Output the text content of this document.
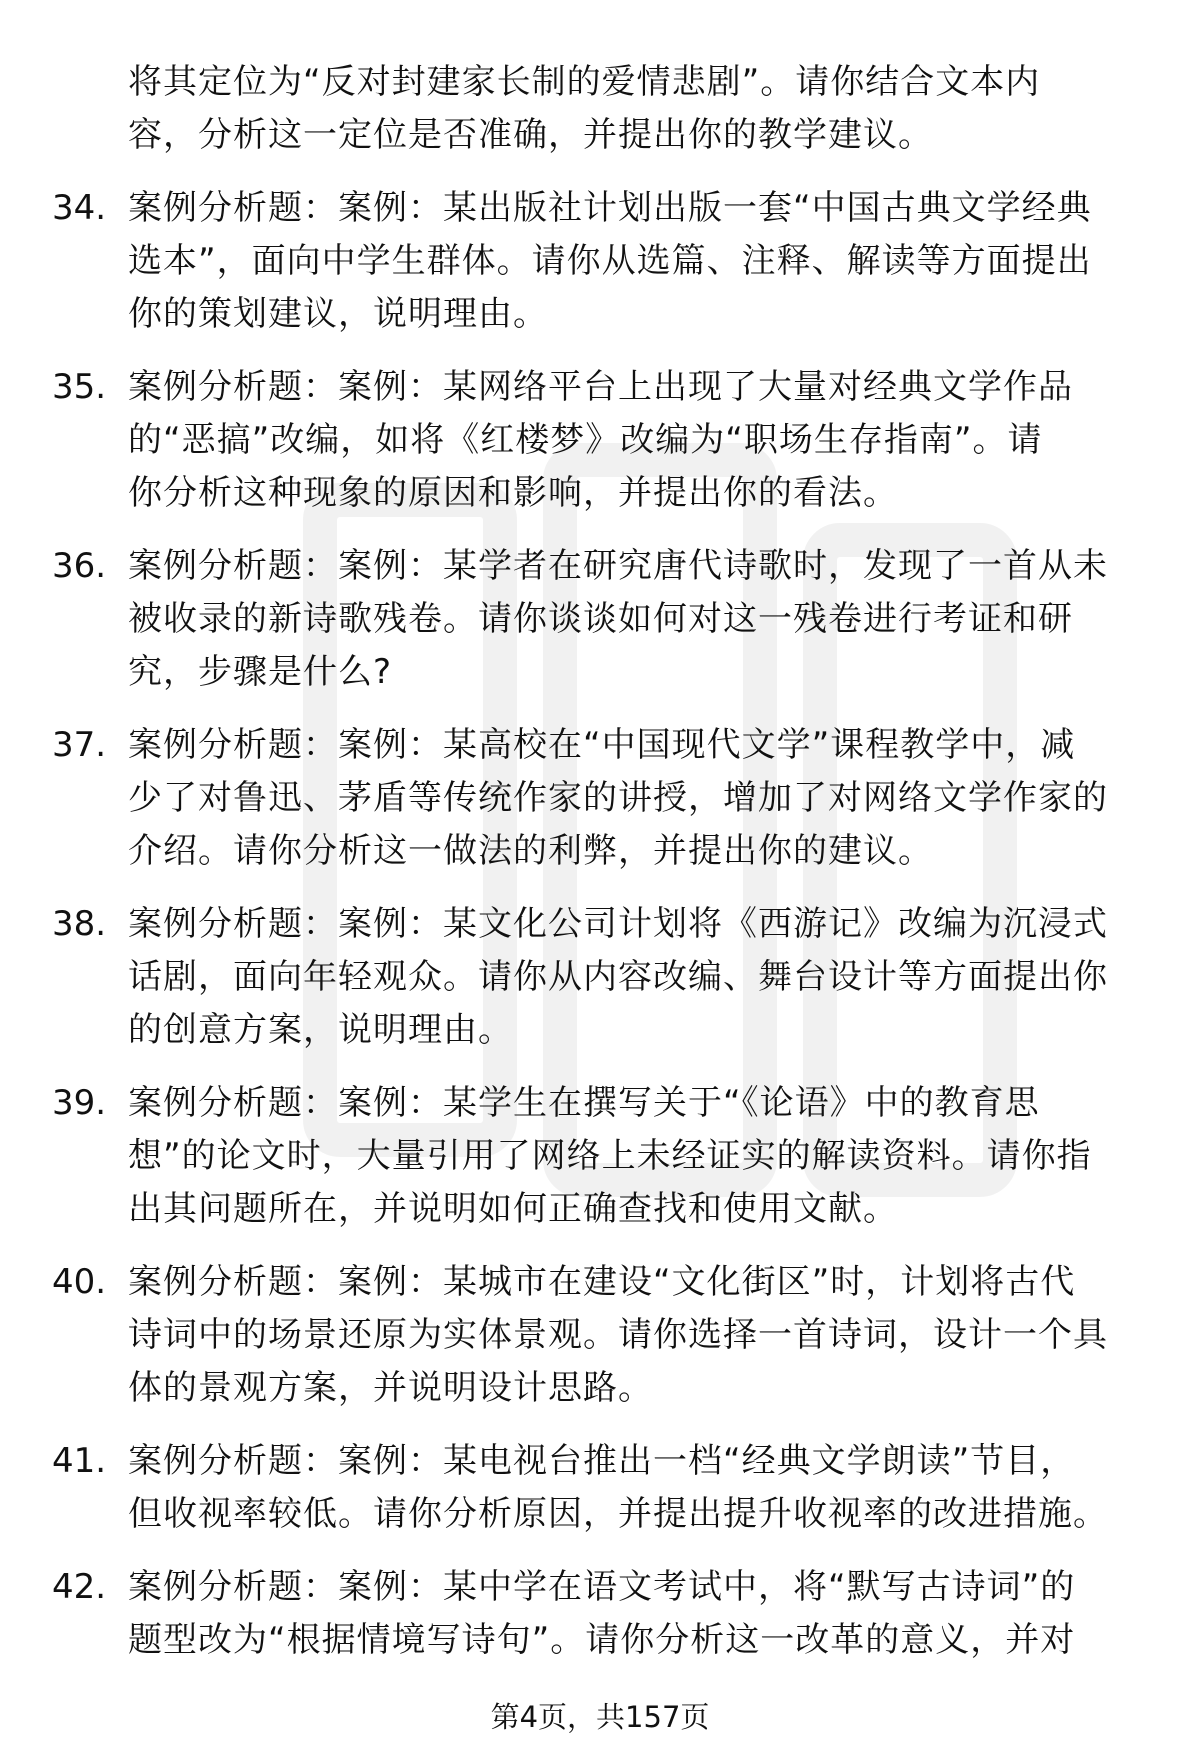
将其定位为“反对封建家长制的爱情悲剧”。请你结合文本内
容，分析这一定位是否准确，并提出你的教学建议。
34. 案例分析题：案例：某出版社计划出版一套“中国古典文学经典
选本”，面向中学生群体。请你从选篇、注释、解读等方面提出
你的策划建议，说明理由。
35. 案例分析题：案例：某网络平台上出现了大量对经典文学作品
的“恶搞”改编，如将《红楼梦》改编为“职场生存指南”。请
你分析这种现象的原因和影响，并提出你的看法。
36. 案例分析题：案例：某学者在研究唐代诗歌时，发现了一首从未
被收录的新诗歌残卷。请你谈谈如何对这一残卷进行考证和研
究，步骤是什么?
37. 案例分析题：案例：某高校在“中国现代文学”课程教学中，减
少了对鲁迅、茅盾等传统作家的讲授，增加了对网络文学作家的
介绍。请你分析这一做法的利弊，并提出你的建议。
38. 案例分析题：案例：某文化公司计划将《西游记》改编为沉浸式
话剧，面向年轻观众。请你从内容改编、舞台设计等方面提出你
的创意方案，说明理由。
39. 案例分析题：案例：某学生在撰写关于“《论语》中的教育思
想”的论文时，大量引用了网络上未经证实的解读资料。请你指
出其问题所在，并说明如何正确查找和使用文献。
40. 案例分析题：案例：某城市在建设“文化街区”时，计划将古代
诗词中的场景还原为实体景观。请你选择一首诗词，设计一个具
体的景观方案，并说明设计思路。
41. 案例分析题：案例：某电视台推出一档“经典文学朗读”节目，
但收视率较低。请你分析原因，并提出提升收视率的改进措施。
42. 案例分析题：案例：某中学在语文考试中，将“默写古诗词”的
题型改为“根据情境写诗句”。请你分析这一改革的意义，并对
第4页，共157页
